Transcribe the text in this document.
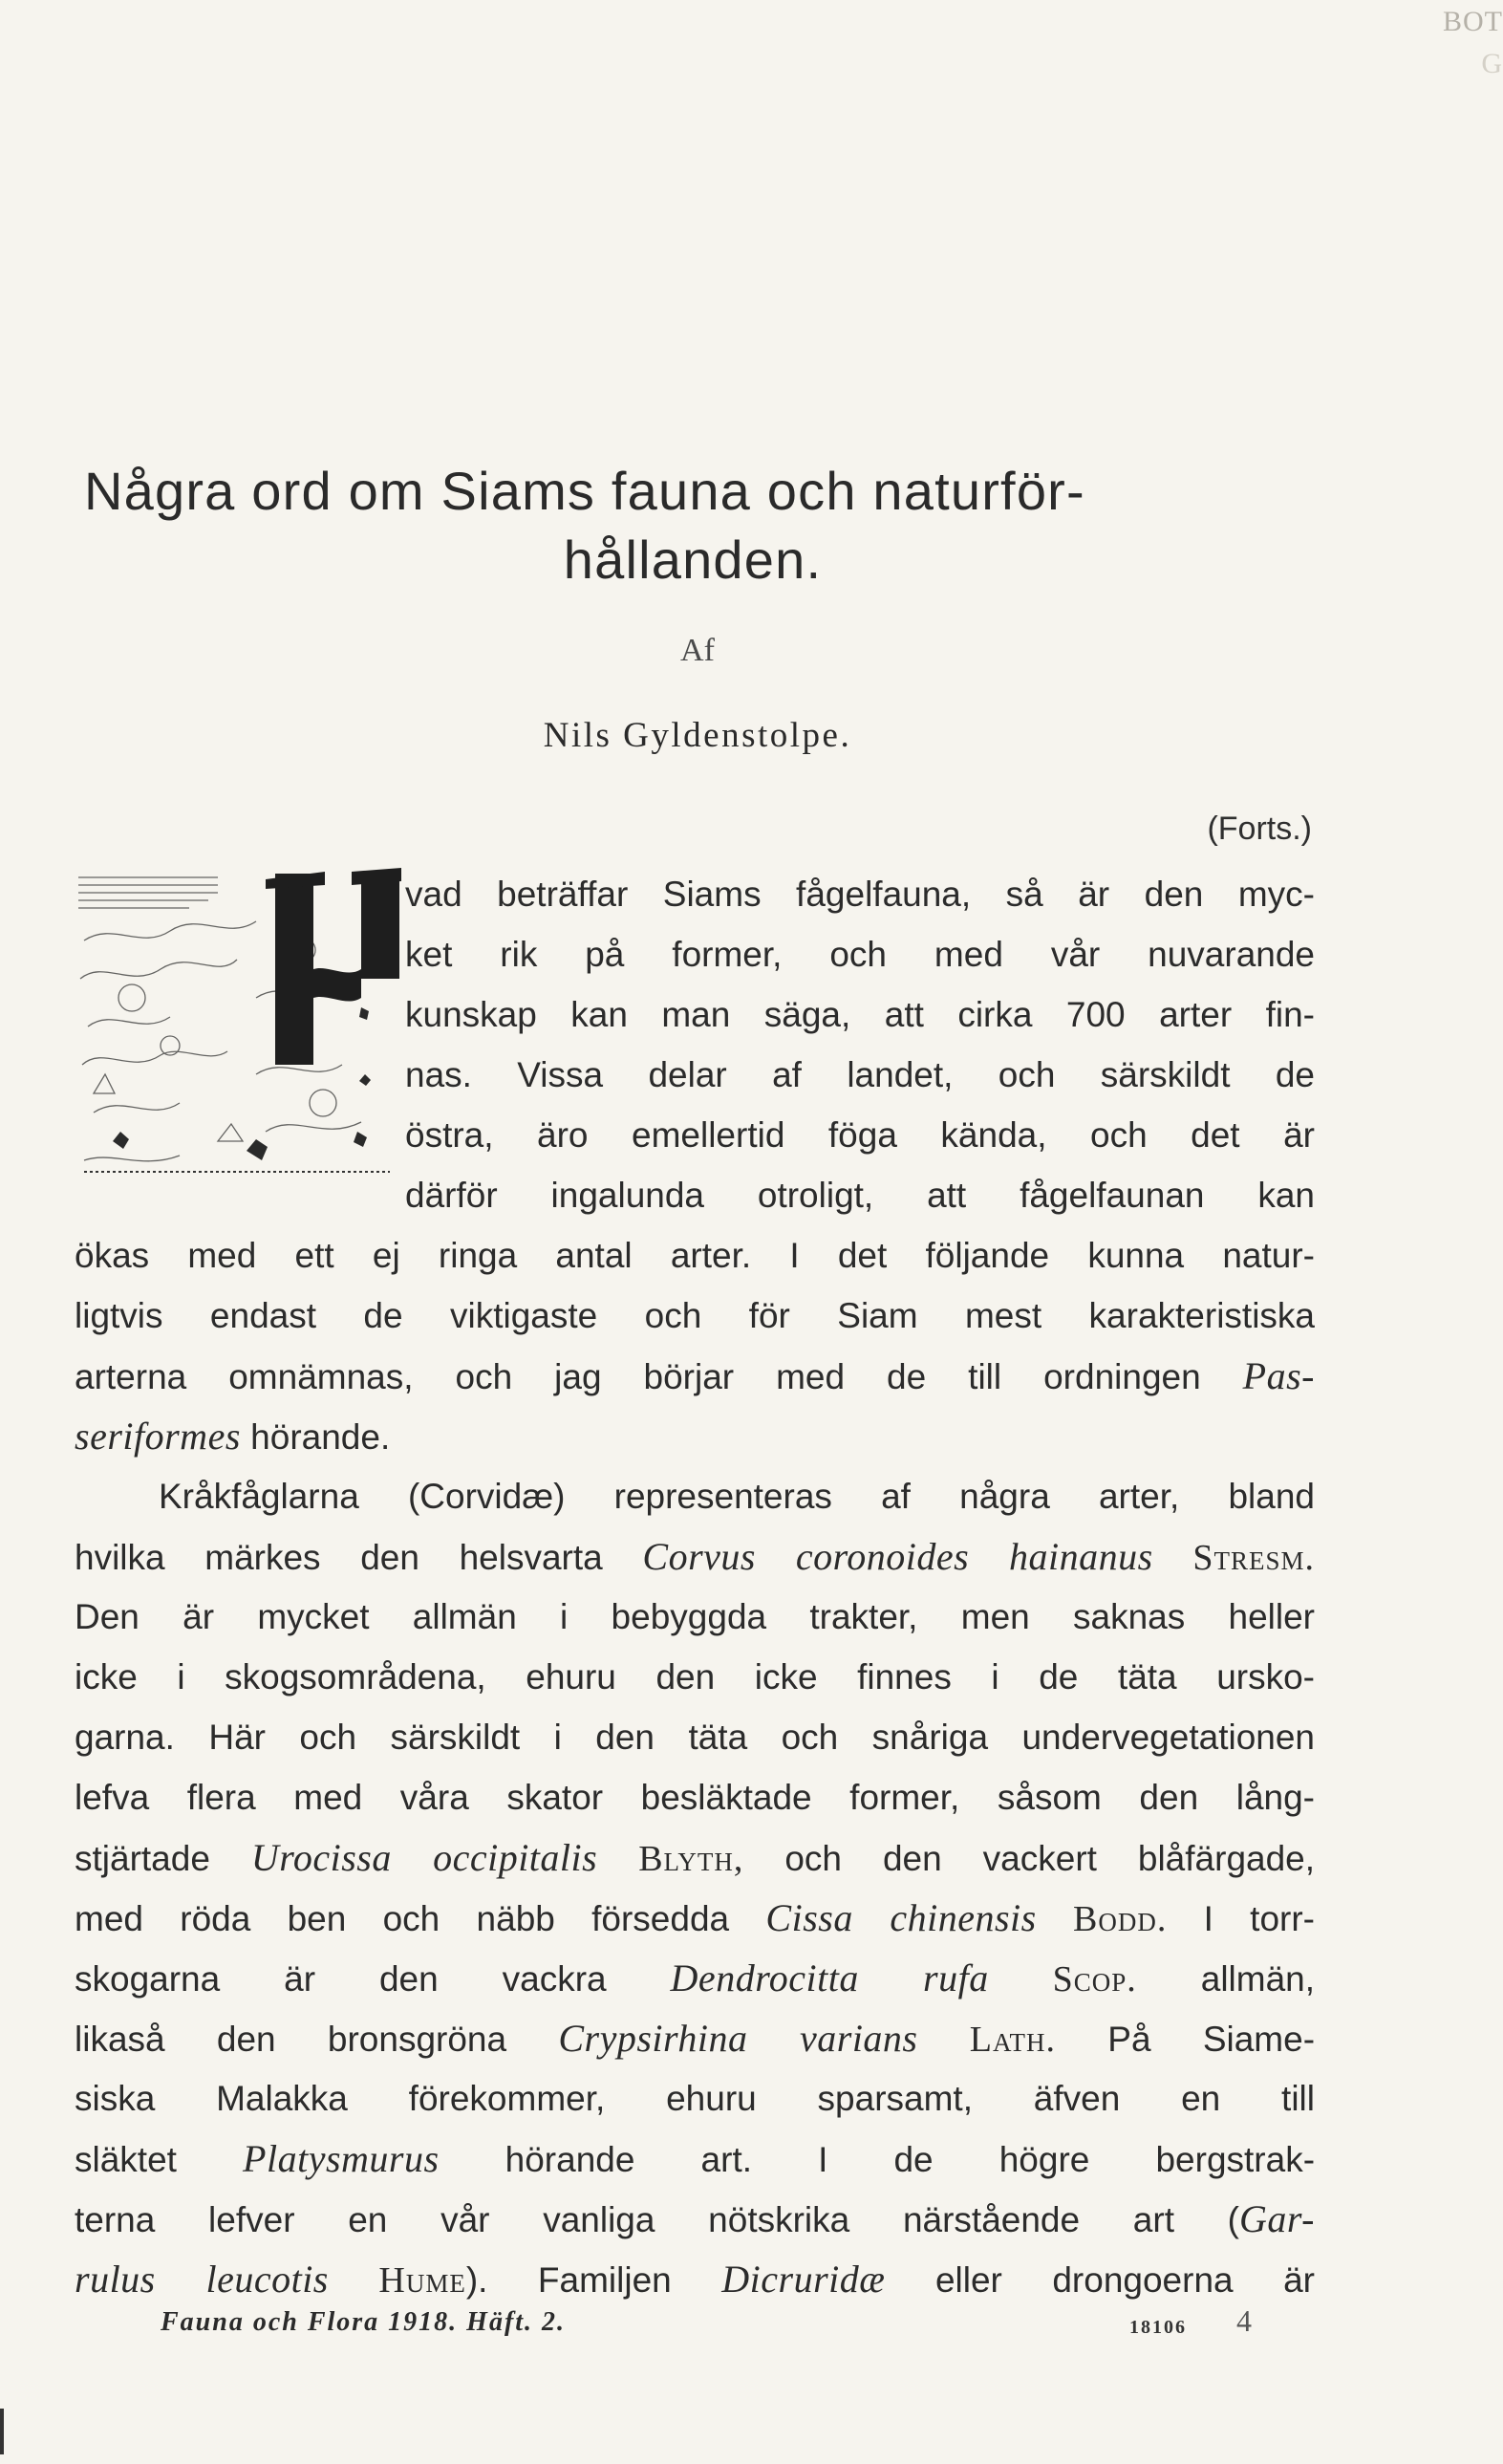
BOT
G
Några ord om Siams fauna och naturför-
hållanden.
Af
Nils Gyldenstolpe.
(Forts.)
vad beträffar Siams fågelfauna, så är den myc-
ket rik på former, och med vår nuvarande
kunskap kan man säga, att cirka 700 arter fin-
nas. Vissa delar af landet, och särskildt de
östra, äro emellertid föga kända, och det är
därför ingalunda otroligt, att fågelfaunan kan
ökas med ett ej ringa antal arter. I det följande kunna natur-
ligtvis endast de viktigaste och för Siam mest karakteristiska
arterna omnämnas, och jag börjar med de till ordningen Pas-
seriformes hörande.
Kråkfåglarna (Corvidæ) representeras af några arter, bland
hvilka märkes den helsvarta Corvus coronoides hainanus Stresm.
Den är mycket allmän i bebyggda trakter, men saknas heller
icke i skogsområdena, ehuru den icke finnes i de täta ursko-
garna. Här och särskildt i den täta och snåriga undervegetationen
lefva flera med våra skator besläktade former, såsom den lång-
stjärtade Urocissa occipitalis Blyth, och den vackert blåfärgade,
med röda ben och näbb försedda Cissa chinensis Bodd. I torr-
skogarna är den vackra Dendrocitta rufa Scop. allmän,
likaså den bronsgröna Crypsirhina varians Lath. På Siame-
siska Malakka förekommer, ehuru sparsamt, äfven en till
släktet Platysmurus hörande art. I de högre bergstrak-
terna lefver en vår vanliga nötskrika närstående art (Gar-
rulus leucotis Hume). Familjen Dicruridæ eller drongoerna är
Fauna och Flora 1918. Häft. 2.	18106 4
